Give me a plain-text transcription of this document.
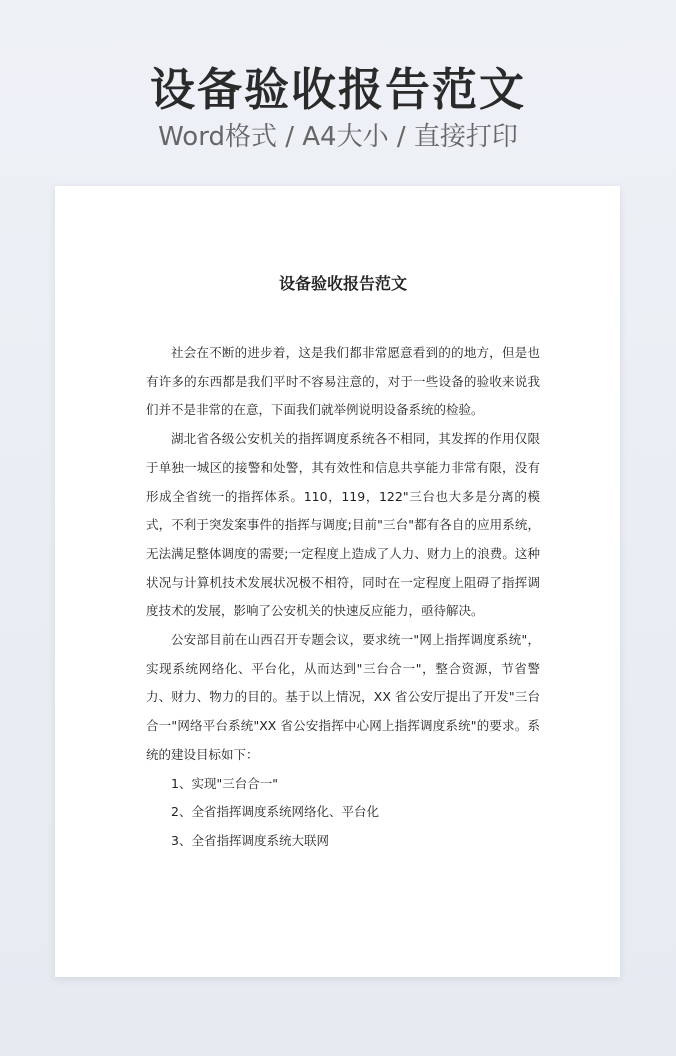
设备验收报告范文
Word格式 / A4大小 / 直接打印
设备验收报告范文

社会在不断的进步着，这是我们都非常愿意看到的的地方，但是也有许多的东西都是我们平时不容易注意的，对于一些设备的验收来说我们并不是非常的在意，下面我们就举例说明设备系统的检验。

湖北省各级公安机关的指挥调度系统各不相同，其发挥的作用仅限于单独一城区的接警和处警，其有效性和信息共享能力非常有限，没有形成全省统一的指挥体系。110，119，122"三台也大多是分离的模式，不利于突发案事件的指挥与调度;目前"三台"都有各自的应用系统，无法满足整体调度的需要;一定程度上造成了人力、财力上的浪费。这种状况与计算机技术发展状况极不相符，同时在一定程度上阻碍了指挥调度技术的发展，影响了公安机关的快速反应能力，亟待解决。

公安部目前在山西召开专题会议，要求统一"网上指挥调度系统"，实现系统网络化、平台化，从而达到"三台合一"，整合资源，节省警力、财力、物力的目的。基于以上情况，XX 省公安厅提出了开发"三台合一"网络平台系统"XX 省公安指挥中心网上指挥调度系统"的要求。系统的建设目标如下：

1、实现"三台合一"

2、全省指挥调度系统网络化、平台化

3、全省指挥调度系统大联网
